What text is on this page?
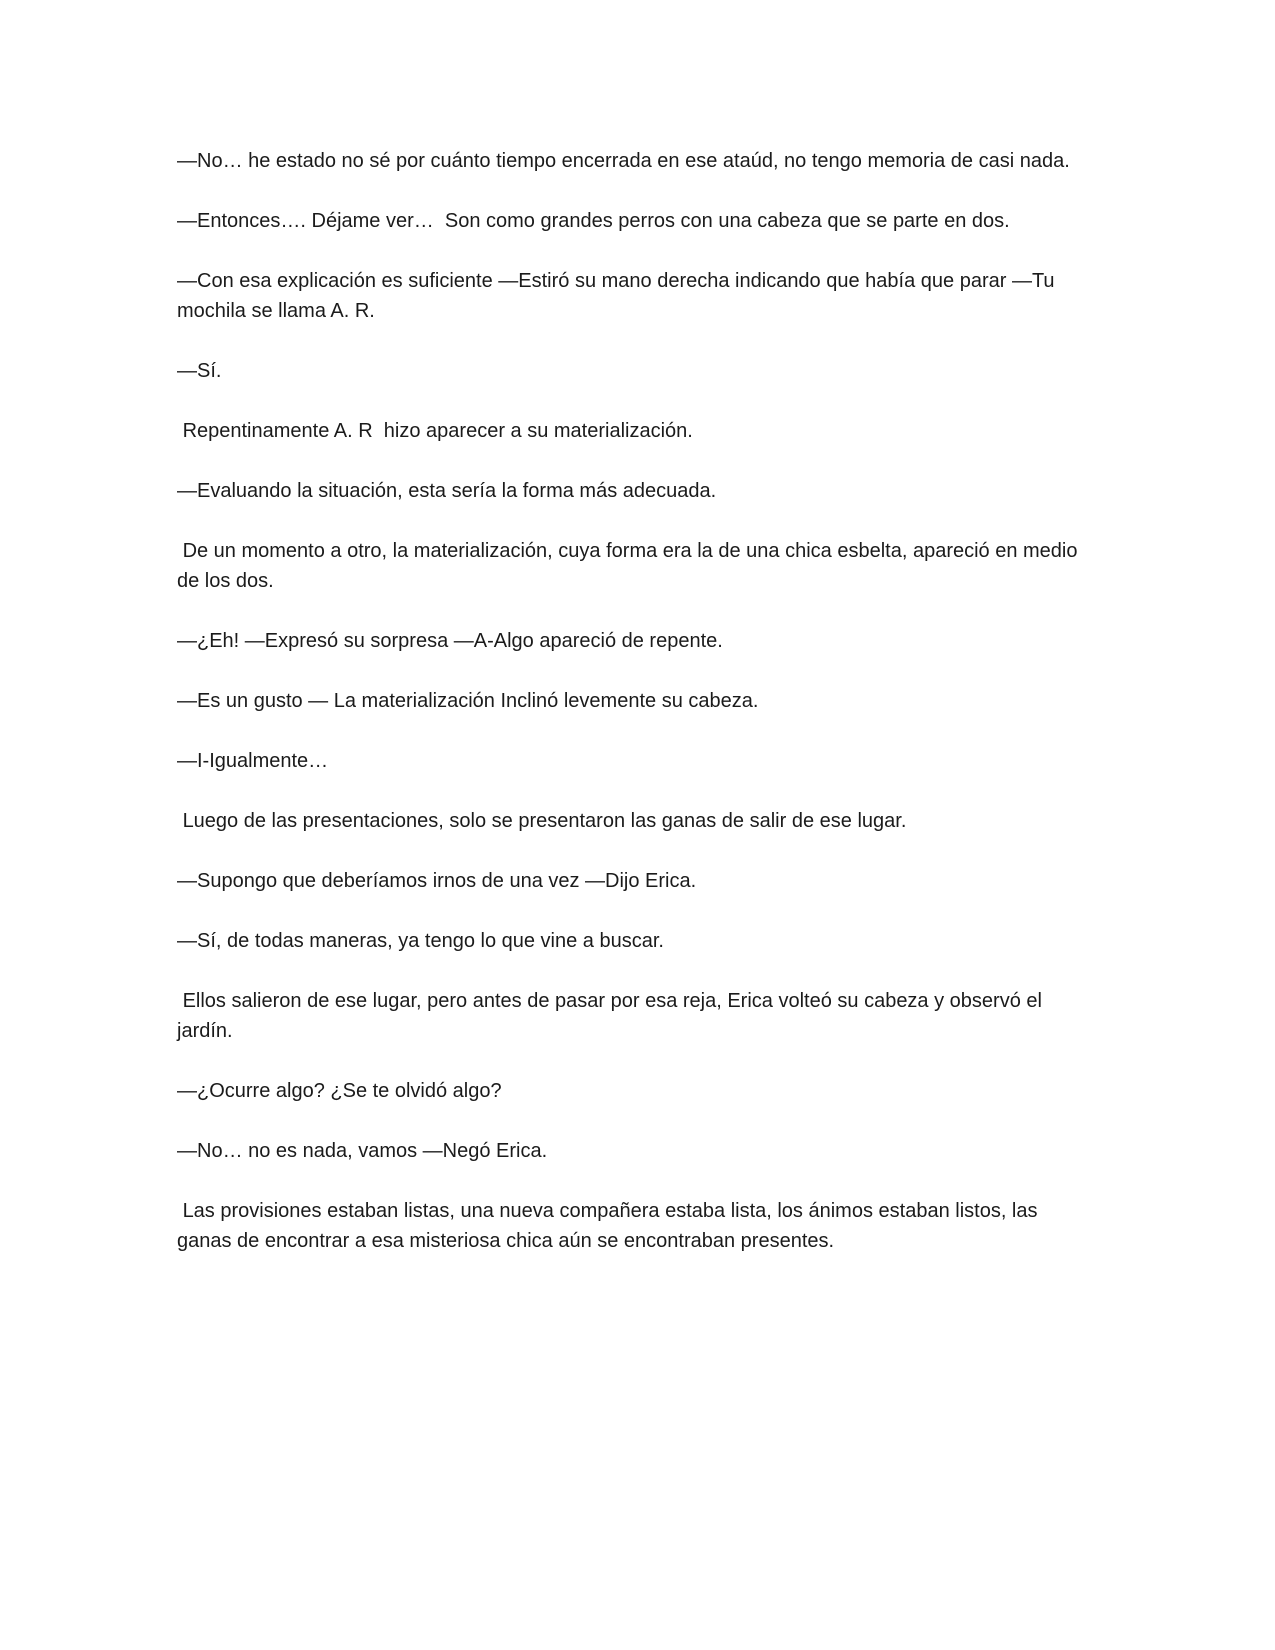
—No… he estado no sé por cuánto tiempo encerrada en ese ataúd, no tengo memoria de casi nada.

—Entonces…. Déjame ver…  Son como grandes perros con una cabeza que se parte en dos.

—Con esa explicación es suficiente —Estiró su mano derecha indicando que había que parar —Tu mochila se llama A. R.

—Sí.

Repentinamente A. R  hizo aparecer a su materialización.

—Evaluando la situación, esta sería la forma más adecuada.

De un momento a otro, la materialización, cuya forma era la de una chica esbelta, apareció en medio de los dos.

—¿Eh! —Expresó su sorpresa —A-Algo apareció de repente.

—Es un gusto — La materialización Inclinó levemente su cabeza.

—I-Igualmente…

Luego de las presentaciones, solo se presentaron las ganas de salir de ese lugar.

—Supongo que deberíamos irnos de una vez —Dijo Erica.

—Sí, de todas maneras, ya tengo lo que vine a buscar.

Ellos salieron de ese lugar, pero antes de pasar por esa reja, Erica volteó su cabeza y observó el jardín.

—¿Ocurre algo? ¿Se te olvidó algo?

—No… no es nada, vamos —Negó Erica.

Las provisiones estaban listas, una nueva compañera estaba lista, los ánimos estaban listos, las ganas de encontrar a esa misteriosa chica aún se encontraban presentes.
